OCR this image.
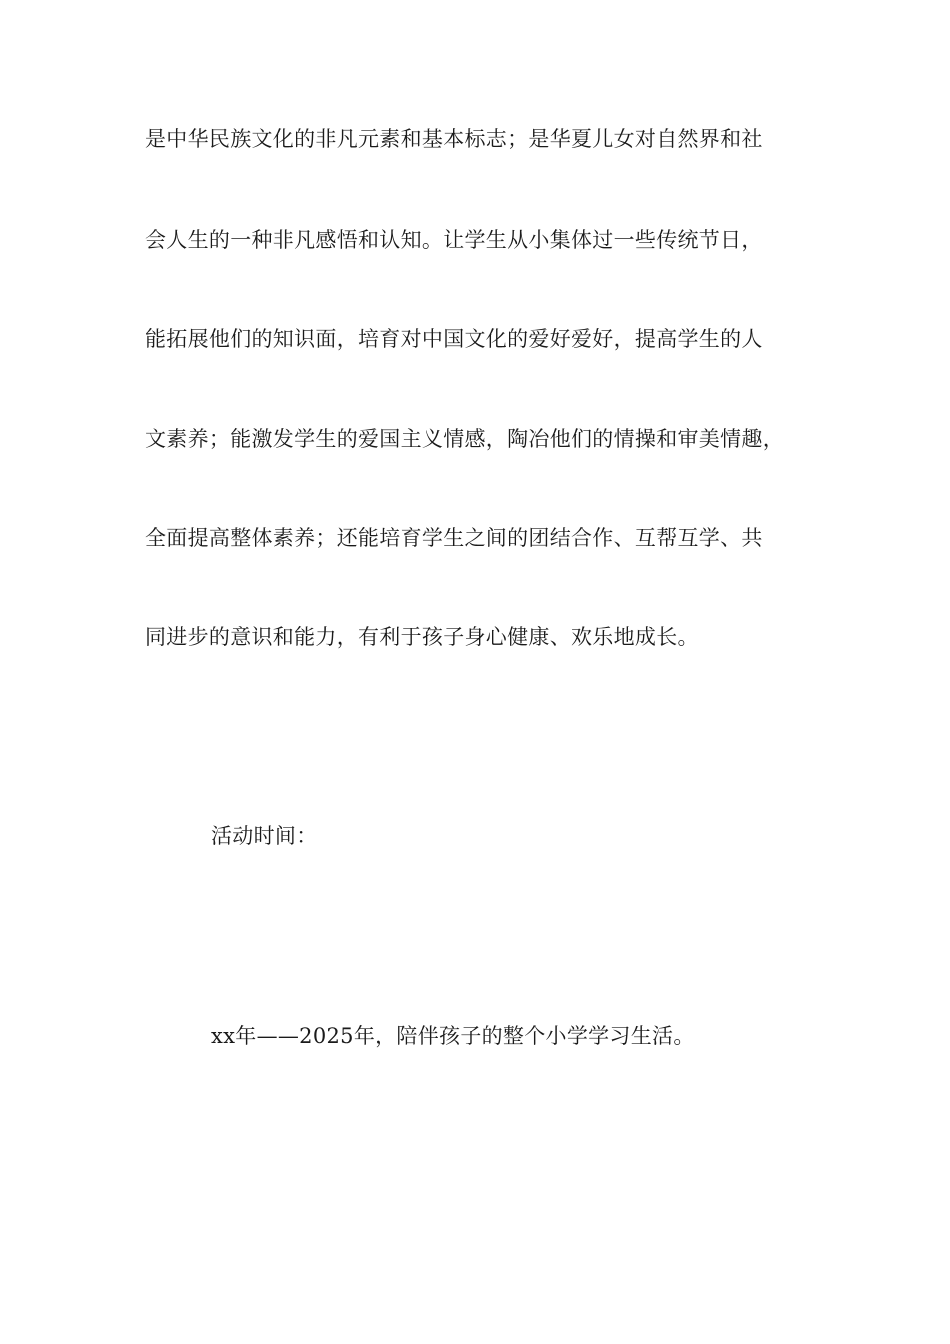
是中华民族文化的非凡元素和基本标志；是华夏儿女对自然界和社
会人生的一种非凡感悟和认知。让学生从小集体过一些传统节日，
能拓展他们的知识面，培育对中国文化的爱好爱好，提高学生的人
文素养；能激发学生的爱国主义情感，陶冶他们的情操和审美情趣，
全面提高整体素养；还能培育学生之间的团结合作、互帮互学、共
同进步的意识和能力，有利于孩子身心健康、欢乐地成长。
活动时间：
xx年——2025年，陪伴孩子的整个小学学习生活。
